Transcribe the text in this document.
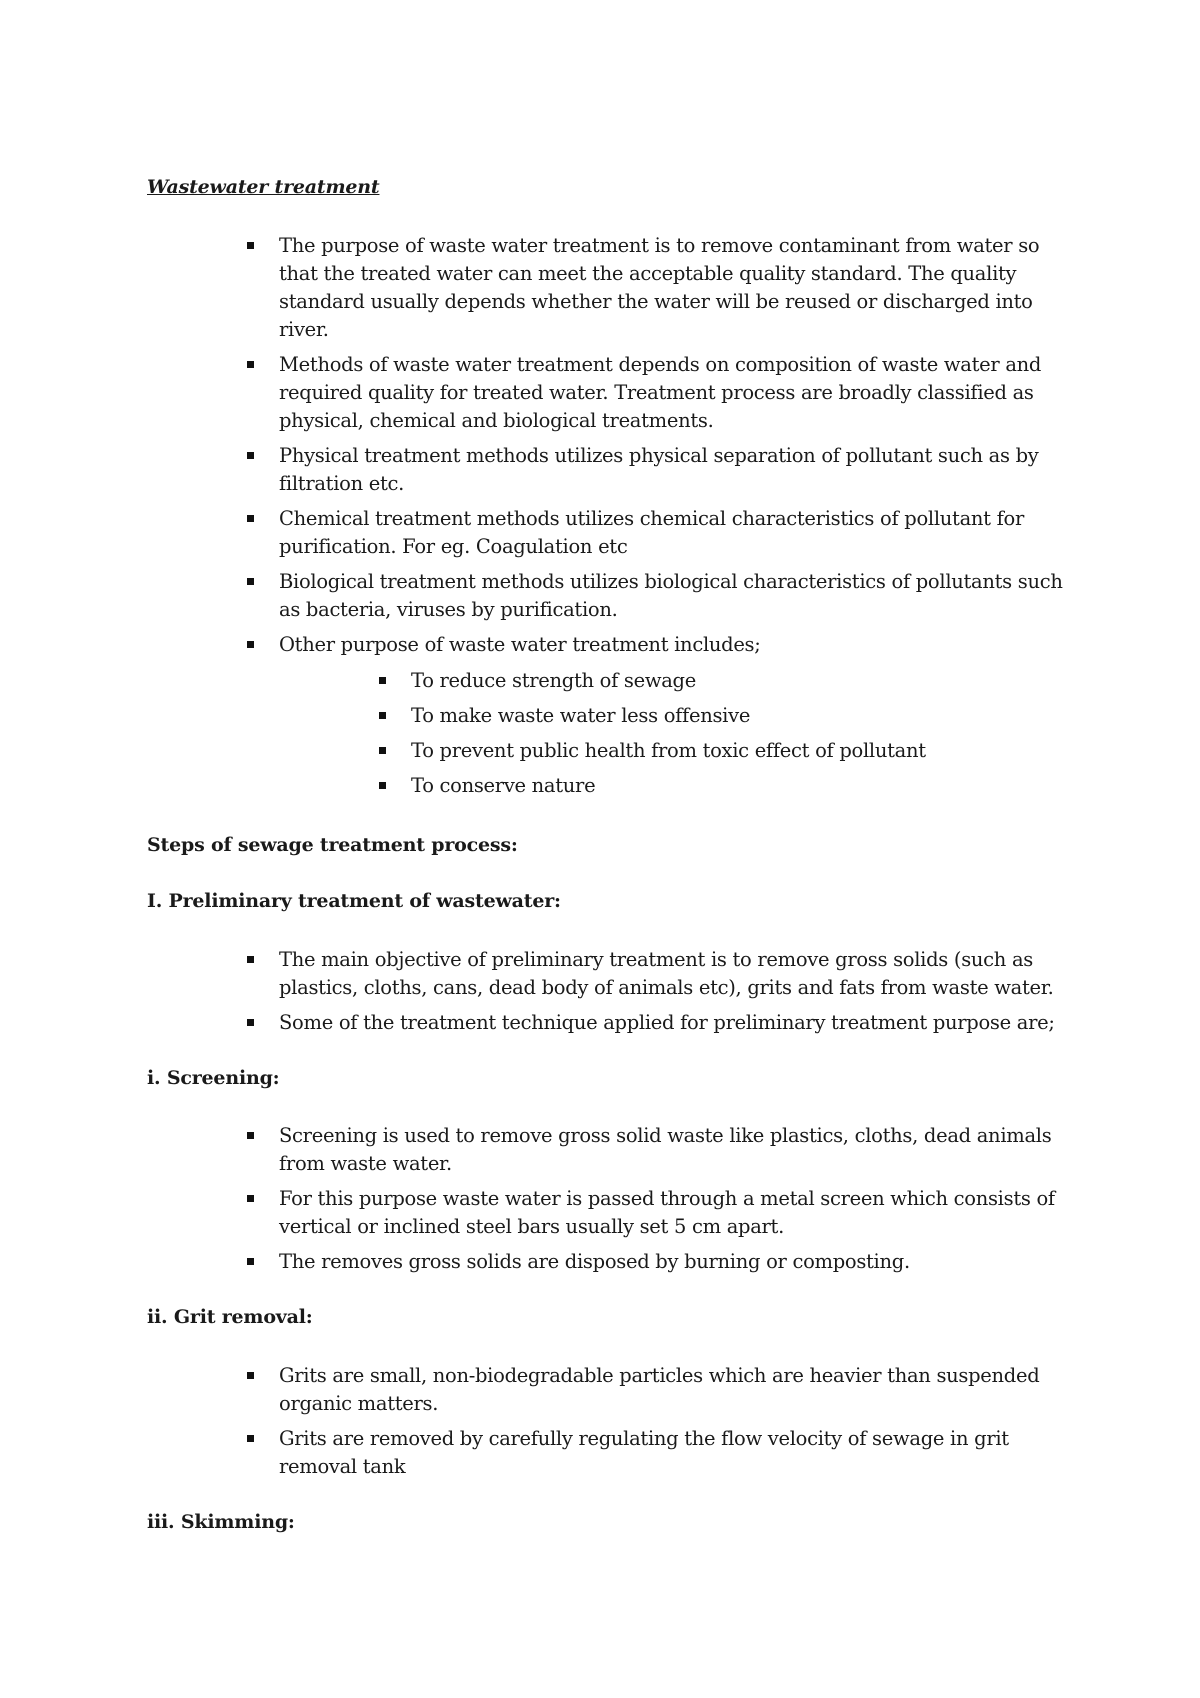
Wastewater treatment
The purpose of waste water treatment is to remove contaminant from water so that the treated water can meet the acceptable quality standard. The quality standard usually depends whether the water will be reused or discharged into river.
Methods of waste water treatment depends on composition of waste water and required quality for treated water. Treatment process are broadly classified as physical, chemical and biological treatments.
Physical treatment methods utilizes physical separation of pollutant such as by filtration etc.
Chemical treatment methods utilizes chemical characteristics of pollutant for purification. For eg. Coagulation etc
Biological treatment methods utilizes biological characteristics of pollutants such as bacteria, viruses by purification.
Other purpose of waste water treatment includes;
To reduce strength of sewage
To make waste water less offensive
To prevent public health from toxic effect of pollutant
To conserve nature
Steps of sewage treatment process:
I. Preliminary treatment of wastewater:
The main objective of preliminary treatment is to remove gross solids (such as plastics, cloths, cans, dead body of animals etc), grits and fats from waste water.
Some of the treatment technique applied for preliminary treatment purpose are;
i. Screening:
Screening is used to remove gross solid waste like plastics, cloths, dead animals from waste water.
For this purpose waste water is passed through a metal screen which consists of vertical or inclined steel bars usually set 5 cm apart.
The removes gross solids are disposed by burning or composting.
ii. Grit removal:
Grits are small, non-biodegradable particles which are heavier than suspended organic matters.
Grits are removed by carefully regulating the flow velocity of sewage in grit removal tank
iii. Skimming:
